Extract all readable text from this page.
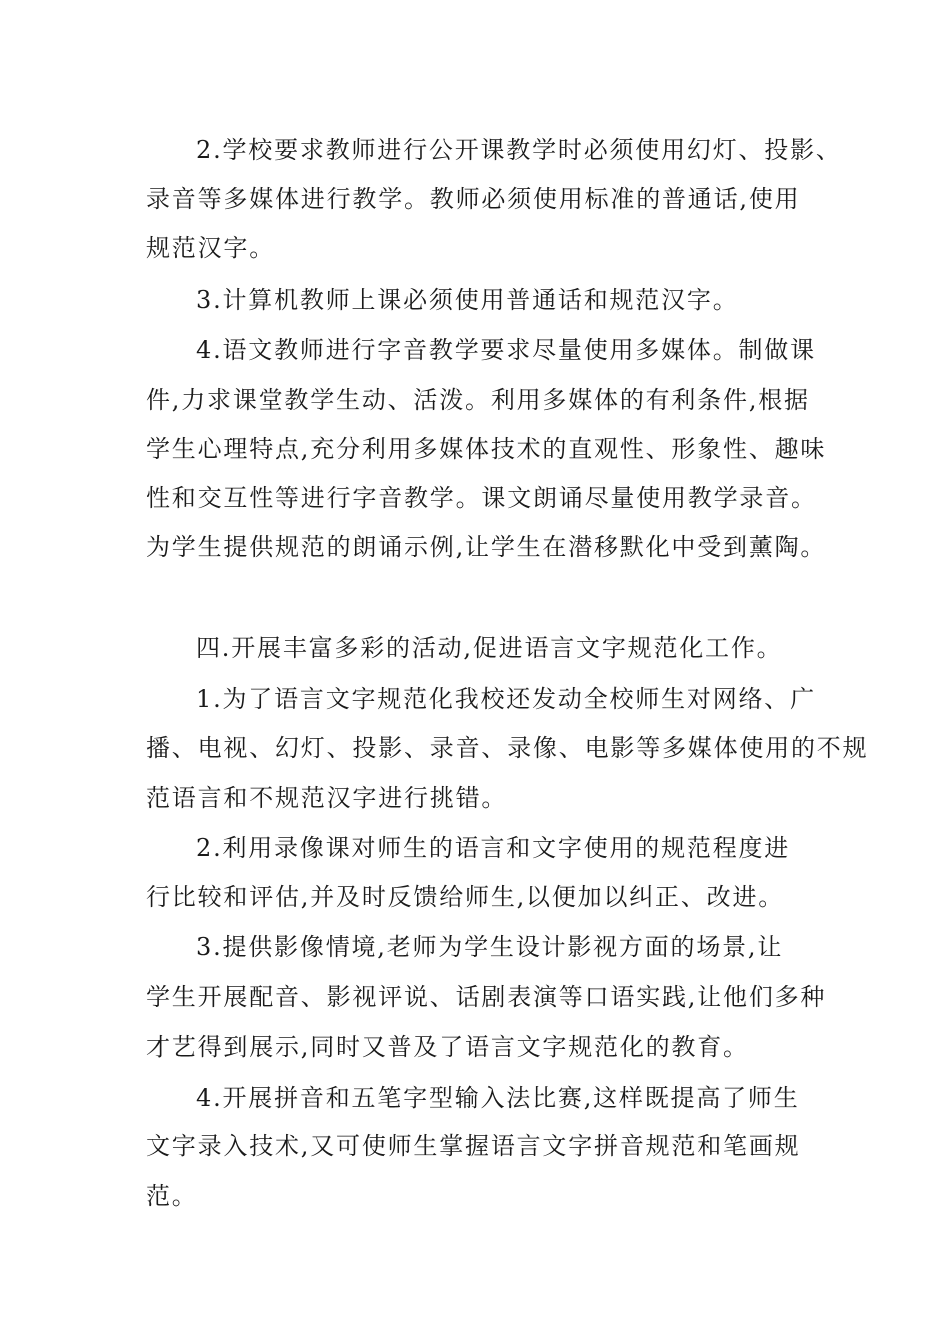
2.学校要求教师进行公开课教学时必须使用幻灯、投影、
录音等多媒体进行教学。教师必须使用标准的普通话,使用
规范汉字。
3.计算机教师上课必须使用普通话和规范汉字。
4.语文教师进行字音教学要求尽量使用多媒体。制做课
件,力求课堂教学生动、活泼。利用多媒体的有利条件,根据
学生心理特点,充分利用多媒体技术的直观性、形象性、趣味
性和交互性等进行字音教学。课文朗诵尽量使用教学录音。
为学生提供规范的朗诵示例,让学生在潜移默化中受到薰陶。
四.开展丰富多彩的活动,促进语言文字规范化工作。
1.为了语言文字规范化我校还发动全校师生对网络、广
播、电视、幻灯、投影、录音、录像、电影等多媒体使用的不规
范语言和不规范汉字进行挑错。
2.利用录像课对师生的语言和文字使用的规范程度进
行比较和评估,并及时反馈给师生,以便加以纠正、改进。
3.提供影像情境,老师为学生设计影视方面的场景,让
学生开展配音、影视评说、话剧表演等口语实践,让他们多种
才艺得到展示,同时又普及了语言文字规范化的教育。
4.开展拼音和五笔字型输入法比赛,这样既提高了师生
文字录入技术,又可使师生掌握语言文字拼音规范和笔画规
范。
